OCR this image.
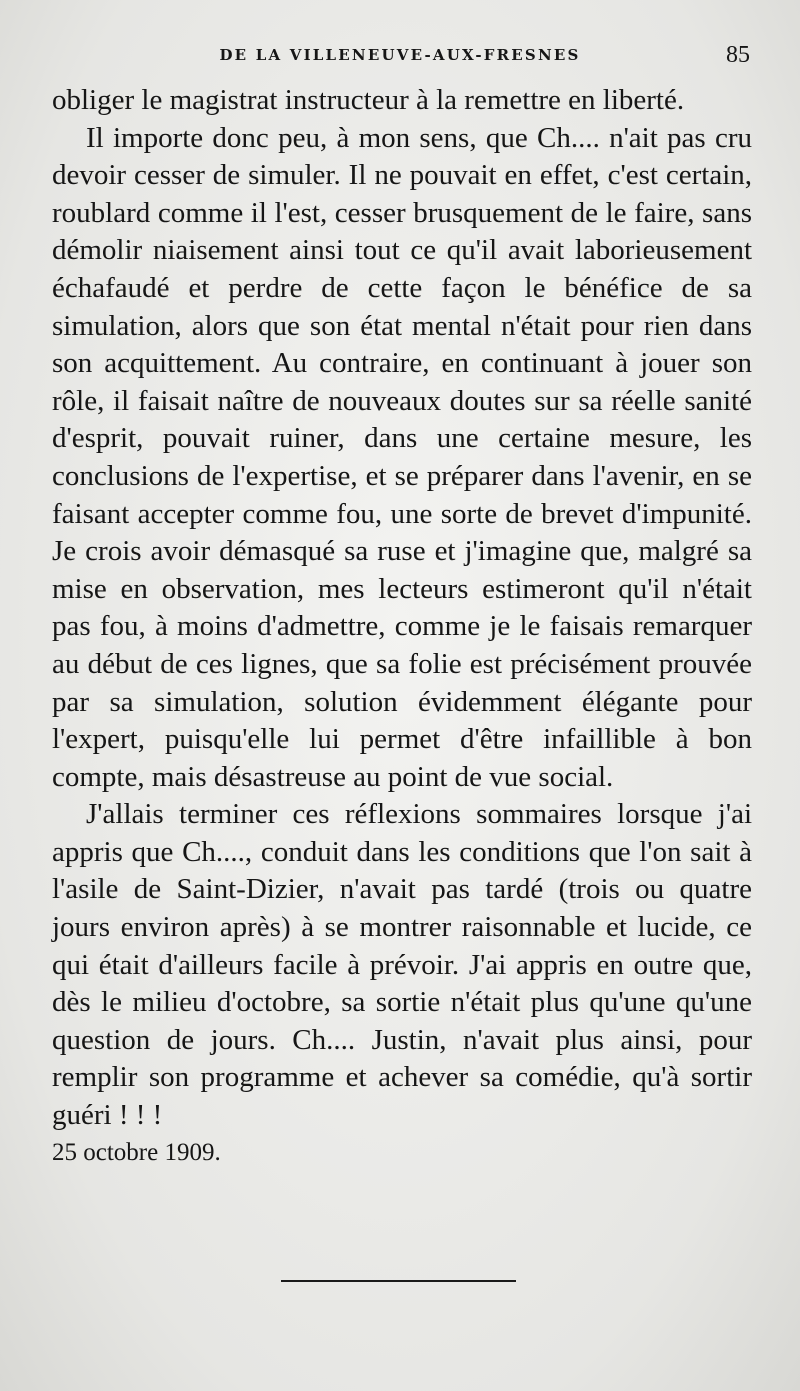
DE LA VILLENEUVE-AUX-FRESNES	85

obliger le magistrat instructeur à la remettre en liberté.

Il importe donc peu, à mon sens, que Ch.... n'ait pas cru devoir cesser de simuler. Il ne pouvait en effet, c'est certain, roublard comme il l'est, cesser brusquement de le faire, sans démolir niaisement ainsi tout ce qu'il avait laborieusement échafaudé et perdre de cette façon le bénéfice de sa simulation, alors que son état mental n'était pour rien dans son acquittement. Au contraire, en continuant à jouer son rôle, il faisait naître de nouveaux doutes sur sa réelle sanité d'esprit, pouvait ruiner, dans une certaine mesure, les conclusions de l'expertise, et se préparer dans l'avenir, en se faisant accepter comme fou, une sorte de brevet d'impunité. Je crois avoir démasqué sa ruse et j'imagine que, malgré sa mise en observation, mes lecteurs estimeront qu'il n'était pas fou, à moins d'admettre, comme je le faisais remarquer au début de ces lignes, que sa folie est précisément prouvée par sa simulation, solution évidemment élégante pour l'expert, puisqu'elle lui permet d'être infaillible à bon compte, mais désastreuse au point de vue social.

J'allais terminer ces réflexions sommaires lorsque j'ai appris que Ch...., conduit dans les conditions que l'on sait à l'asile de Saint-Dizier, n'avait pas tardé (trois ou quatre jours environ après) à se montrer raisonnable et lucide, ce qui était d'ailleurs facile à prévoir. J'ai appris en outre que, dès le milieu d'octobre, sa sortie n'était plus qu'une qu'une question de jours. Ch.... Justin, n'avait plus ainsi, pour remplir son programme et achever sa comédie, qu'à sortir guéri ! ! !

25 octobre 1909.
